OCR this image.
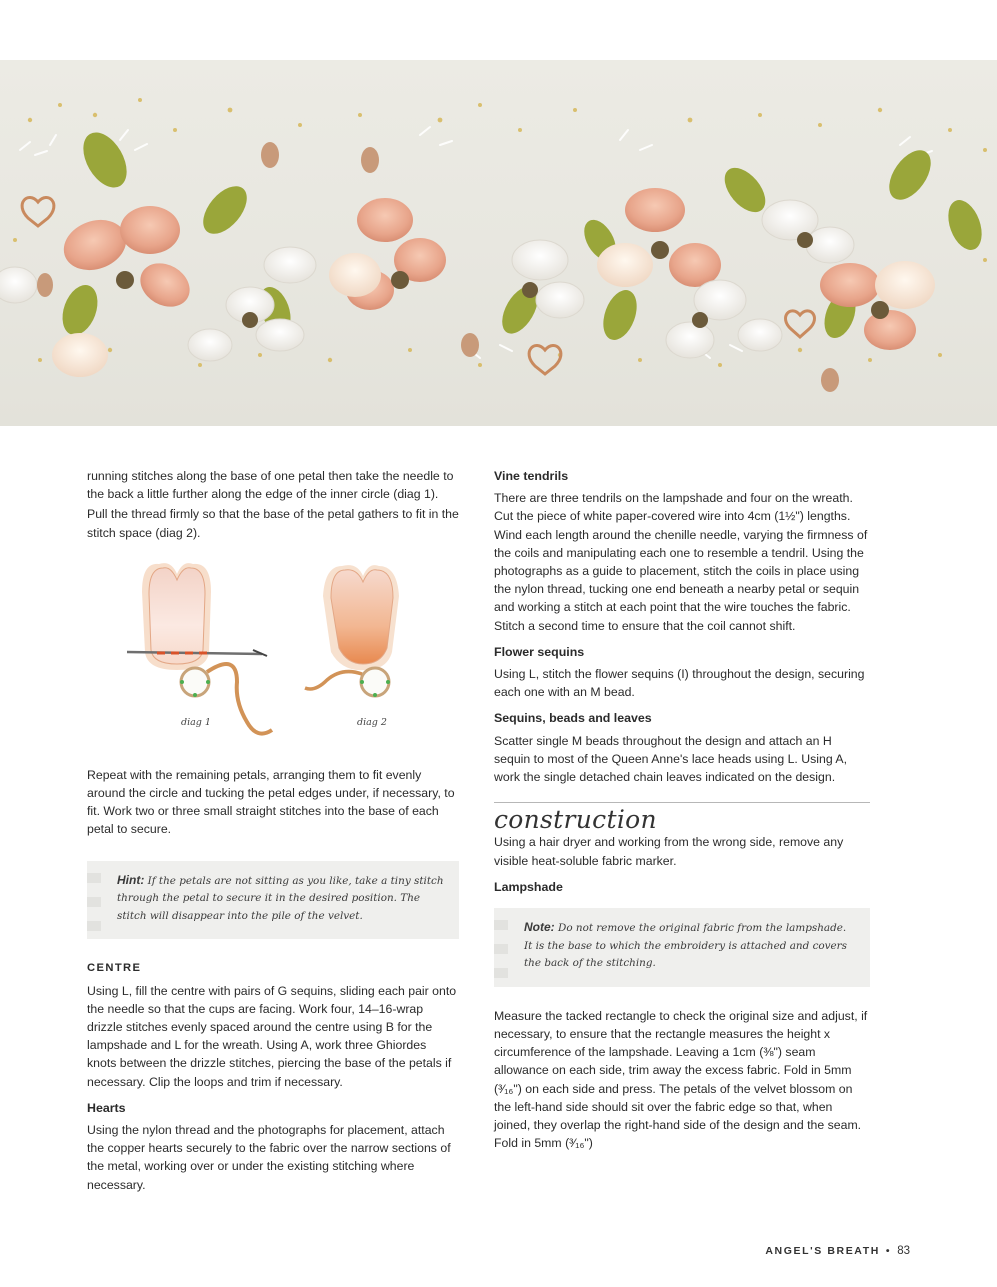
running stitches along the base of one petal then take the needle to the back a little further along the edge of the inner circle (diag 1).

Pull the thread firmly so that the base of the petal gathers to fit in the stitch space (diag 2).

diag 1	diag 2

Repeat with the remaining petals, arranging them to fit evenly around the circle and tucking the petal edges under, if necessary, to fit. Work two or three small straight stitches into the base of each petal to secure.

Hint: If the petals are not sitting as you like, take a tiny stitch through the petal to secure it in the desired position. The stitch will disappear into the pile of the velvet.
CENTRE

Using L, fill the centre with pairs of G sequins, sliding each pair onto the needle so that the cups are facing. Work four, 14–16-wrap drizzle stitches evenly spaced around the centre using B for the lampshade and L for the wreath. Using A, work three Ghiordes knots between the drizzle stitches, piercing the base of the petals if necessary. Clip the loops and trim if necessary.

Hearts

Using the nylon thread and the photographs for placement, attach the copper hearts securely to the fabric over the narrow sections of the metal, working over or under the existing stitching where necessary.

Vine tendrils

There are three tendrils on the lampshade and four on the wreath. Cut the piece of white paper-covered wire into 4cm (1½") lengths. Wind each length around the chenille needle, varying the firmness of the coils and manipulating each one to resemble a tendril. Using the photographs as a guide to placement, stitch the coils in place using the nylon thread, tucking one end beneath a nearby petal or sequin and working a stitch at each point that the wire touches the fabric. Stitch a second time to ensure that the coil cannot shift.

Flower sequins

Using L, stitch the flower sequins (I) throughout the design, securing each one with an M bead.

Sequins, beads and leaves

Scatter single M beads throughout the design and attach an H sequin to most of the Queen Anne's lace heads using L. Using A, work the single detached chain leaves indicated on the design.

construction

Using a hair dryer and working from the wrong side, remove any visible heat-soluble fabric marker.

Lampshade
Note: Do not remove the original fabric from the lampshade. It is the base to which the embroidery is attached and covers the back of the stitching.

Measure the tacked rectangle to check the original size and adjust, if necessary, to ensure that the rectangle measures the height x circumference of the lampshade. Leaving a 1cm (⅜") seam allowance on each side, trim away the excess fabric. Fold in 5mm (³⁄₁₆") on each side and press. The petals of the velvet blossom on the left-hand side should sit over the fabric edge so that, when joined, they overlap the right-hand side of the design and the seam. Fold in 5mm (³⁄₁₆")

ANGEL'S BREATH • 83
